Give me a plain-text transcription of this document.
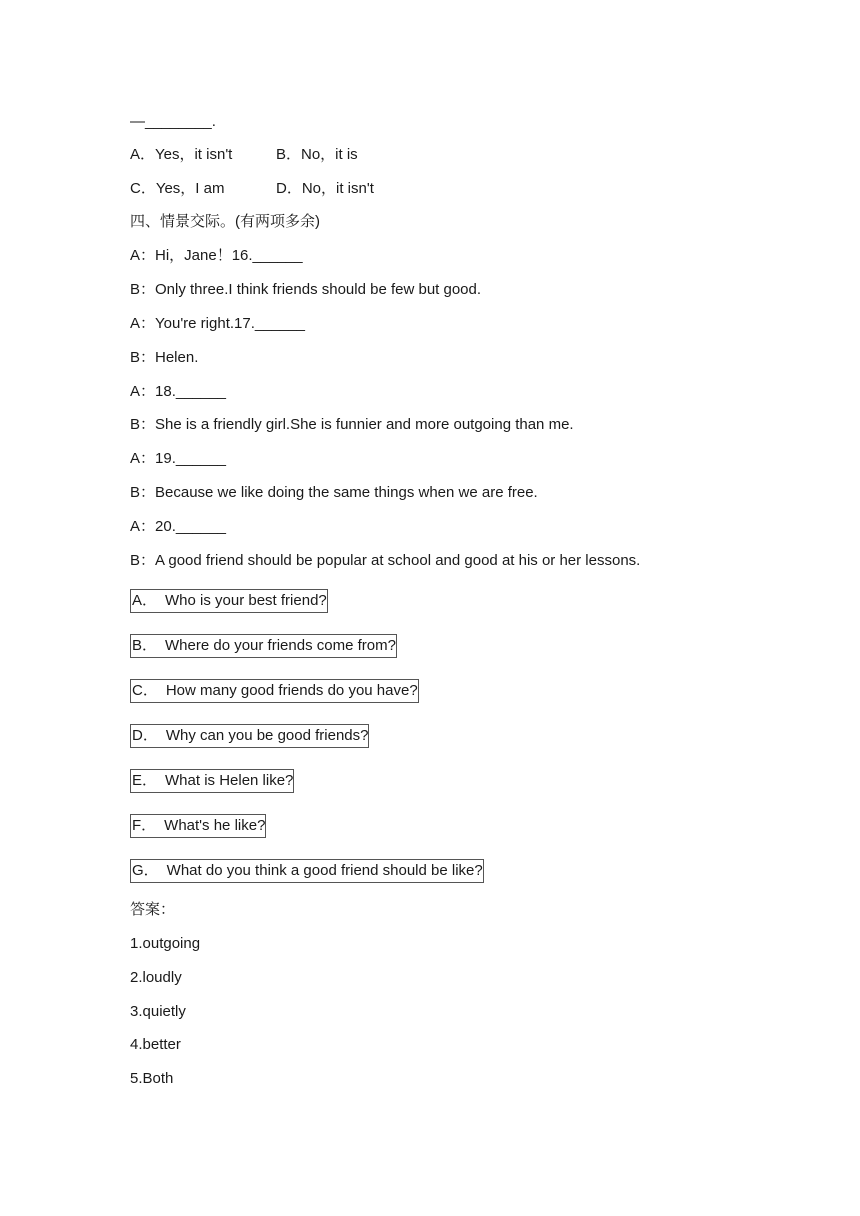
—________.
A．Yes，it isn't	B．No，it is
C．Yes，I am	D．No，it isn't
四、情景交际。(有两项多余)
A：Hi，Jane！16.______
B：Only three.I think friends should be few but good.
A：You're right.17.______
B：Helen.
A：18.______
B：She is a friendly girl.She is funnier and more outgoing than me.
A：19.______
B：Because we like doing the same things when we are free.
A：20.______
B：A good friend should be popular at school and good at his or her lessons.
A． Who is your best friend?
B． Where do your friends come from?
C． How many good friends do you have?
D． Why can you be good friends?
E． What is Helen like?
F． What's he like?
G． What do you think a good friend should be like?
答案：
1.outgoing
2.loudly
3.quietly
4.better
5.Both
